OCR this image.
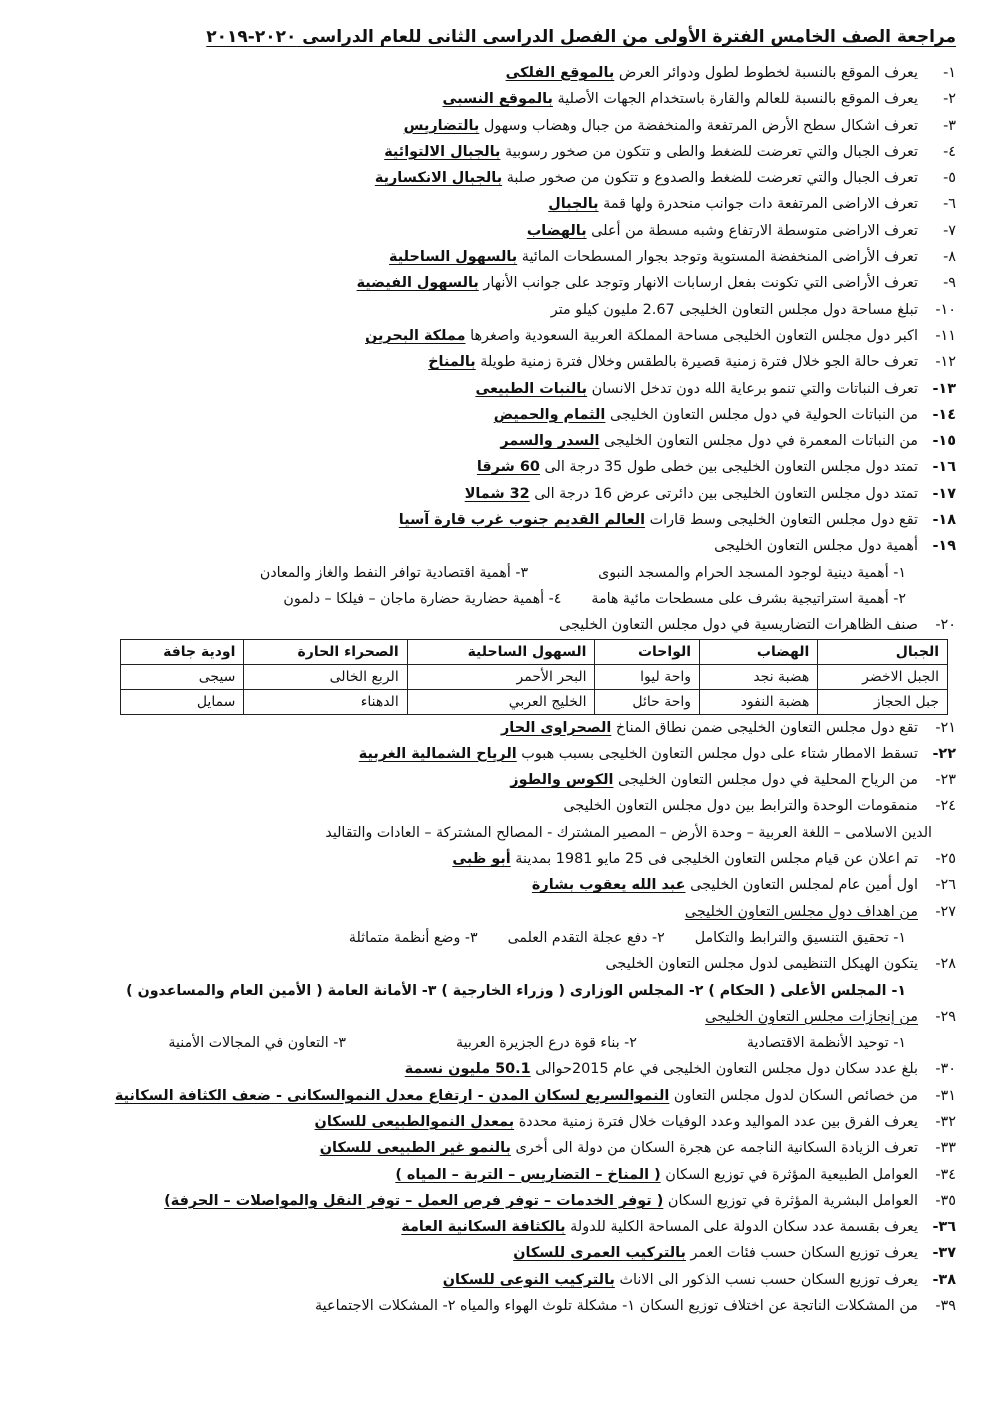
مراجعة الصف الخامس الفترة الأولى من الفصل الدراسى الثانى للعام الدراسى ٢٠٢٠-٢٠١٩
١-
يعرف الموقع بالنسبة لخطوط لطول ودوائر العرض بالموقع الفلكى
٢-
يعرف الموقع بالنسبة للعالم والقارة باستخدام الجهات الأصلية بالموقع النسبى
٣-
تعرف اشكال سطح الأرض المرتفعة والمنخفضة من جبال وهضاب وسهول بالتضاريس
٤-
تعرف الجبال والتي تعرضت للضغط والطى و تتكون من صخور رسوبية بالجبال الالتوائية
٥-
تعرف الجبال والتي تعرضت للضغط والصدوع و تتكون من صخور صلبة بالجبال الانكسارية
٦-
تعرف الاراضى المرتفعة دات جوانب منحدرة ولها قمة بالجبال
٧-
تعرف الاراضى متوسطة الارتفاع وشبه مسطة من أعلى بالهضاب
٨-
تعرف الأراضى المنخفضة المستوية وتوجد بجوار المسطحات المائية بالسهول الساحلية
٩-
تعرف الأراضى التي تكونت بفعل ارسابات الانهار وتوجد على جوانب الأنهار بالسهول الفيضية
١٠-
تبلغ مساحة دول مجلس التعاون الخليجى 2.67 مليون كيلو متر
١١-
اكبر دول مجلس التعاون الخليجى مساحة المملكة العربية السعودية واصغرها مملكة البحرين
١٢-
تعرف حالة الجو خلال فترة زمنية قصيرة بالطقس وخلال فترة زمنية طويلة بالمناخ
١٣-
تعرف النباتات والتي تنمو برعاية الله دون تدخل الانسان بالنبات الطبيعى
١٤-
من النباتات الحولية في دول مجلس التعاون الخليجى الثمام والحميض
١٥-
من النباتات المعمرة في دول مجلس التعاون الخليجى السدر والسمر
١٦-
تمتد دول مجلس التعاون الخليجى بين خطى طول 35 درجة الى 60 شرقا
١٧-
تمتد دول مجلس التعاون الخليجى بين دائرتى عرض 16 درجة الى 32 شمالا
١٨-
تقع دول مجلس التعاون الخليجى وسط قارات العالم القديم جنوب غرب قارة آسيا
١٩-
أهمية دول مجلس التعاون الخليجى
١- أهمية دينية لوجود المسجد الحرام والمسجد النبوى٣- أهمية اقتصادية توافر النفط والغاز والمعادن
٢- أهمية استراتيجية بشرف على مسطحات مائية هامة٤- أهمية حضارية حضارة ماجان – فيلكا – دلمون
٢٠-
صنف الظاهرات التضاريسية في دول مجلس التعاون الخليجى
الجبال	الهضاب	الواحات	السهول الساحلية	الصحراء الحارة	اودية جافة
الجبل الاخضر	هضبة نجد	واحة ليوا	البحر الأحمر	الربع الخالى	سيجى
جبل الحجاز	هضبة النفود	واحة حائل	الخليج العربي	الدهناء	سمايل
٢١-
تقع دول مجلس التعاون الخليجى ضمن نطاق المناخ الصحراوى الحار
٢٢-
تسقط الامطار شتاء على دول مجلس التعاون الخليجى بسبب هبوب الرياح الشمالية الغربية
٢٣-
من الرياح المحلية في دول مجلس التعاون الخليجى الكوس والطوز
٢٤-
منمقومات الوحدة والترابط بين دول مجلس التعاون الخليجى
الدين الاسلامى – اللغة العربية – وحدة الأرض – المصير المشترك - المصالح المشتركة – العادات والتقاليد
٢٥-
تم اعلان عن قيام مجلس التعاون الخليجى فى 25 مايو 1981 بمدينة أبو ظبى
٢٦-
اول أمين عام لمجلس التعاون الخليجى عبد الله يعقوب بشارة
٢٧-
من اهداف دول مجلس التعاون الخليجى
١- تحقيق التنسيق والترابط والتكامل٢- دفع عجلة التقدم العلمى٣- وضع أنظمة متماثلة
٢٨-
يتكون الهيكل التنظيمى لدول مجلس التعاون الخليجى
١- المجلس الأعلى ( الحكام ) ٢- المجلس الوزارى ( وزراء الخارجية ) ٣- الأمانة العامة ( الأمين العام والمساعدون )
٢٩-
من إنجازات مجلس التعاون الخليجى
١- توحيد الأنظمة الاقتصادية٢- بناء قوة درع الجزيرة العربية٣- التعاون في المجالات الأمنية
٣٠-
بلغ عدد سكان دول مجلس التعاون الخليجى في عام 2015حوالى 50.1 مليون نسمة
٣١-
من خصائص السكان لدول مجلس التعاون النموالسريع لسكان المدن - ارتفاع معدل النموالسكانى - ضعف الكثافة السكانية
٣٢-
يعرف الفرق بين عدد المواليد وعدد الوفيات خلال فترة زمنية محددة بمعدل النموالطبيعى للسكان
٣٣-
تعرف الزيادة السكانية الناجمه عن هجرة السكان من دولة الى أخرى بالنمو غير الطبيعى للسكان
٣٤-
العوامل الطبيعية المؤثرة في توزيع السكان ( المناخ – التضاريس – التربة – المياه )
٣٥-
العوامل البشرية المؤثرة في توزيع السكان ( توفر الخدمات – توفر فرص العمل – توفر النقل والمواصلات – الحرفة)
٣٦-
يعرف بقسمة عدد سكان الدولة على المساحة الكلية للدولة بالكثافة السكانية العامة
٣٧-
يعرف توزيع السكان حسب فئات العمر بالتركيب العمرى للسكان
٣٨-
يعرف توزيع السكان حسب نسب الذكور الى الاناث بالتركيب النوعى للسكان
٣٩-
من المشكلات الناتجة عن اختلاف توزيع السكان ١- مشكلة تلوث الهواء والمياه ٢- المشكلات الاجتماعية
